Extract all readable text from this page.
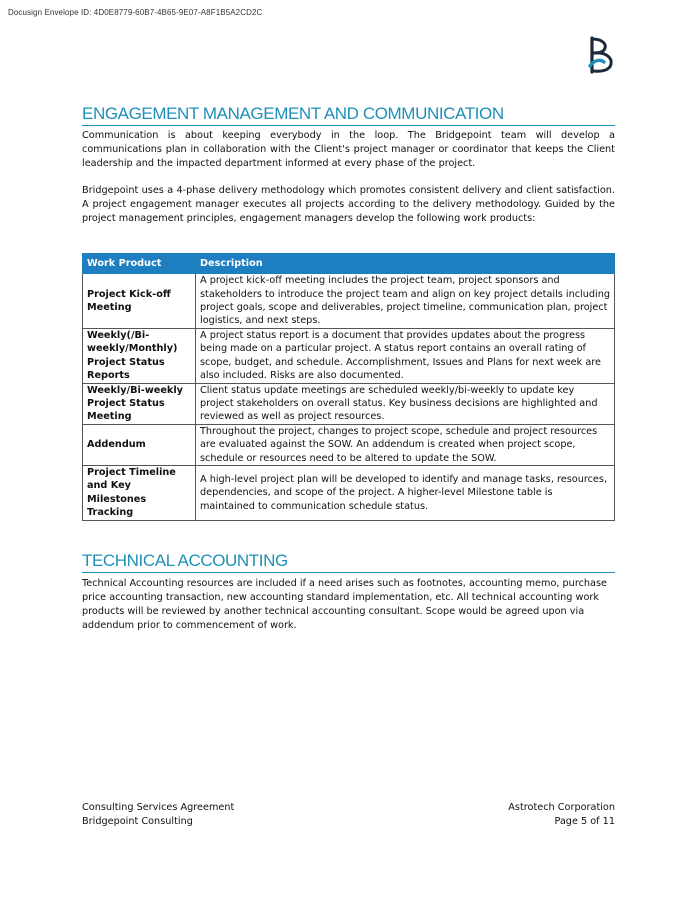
Docusign Envelope ID: 4D0E8779-60B7-4B65-9E07-A8F1B5A2CD2C
ENGAGEMENT MANAGEMENT AND COMMUNICATION

Communication is about keeping everybody in the loop. The Bridgepoint team will develop a communications plan in collaboration with the Client's project manager or coordinator that keeps the Client leadership and the impacted department informed at every phase of the project.

Bridgepoint uses a 4-phase delivery methodology which promotes consistent delivery and client satisfaction. A project engagement manager executes all projects according to the delivery methodology. Guided by the project management principles, engagement managers develop the following work products:

Work Product	Description
Project Kick-off Meeting	A project kick-off meeting includes the project team, project sponsors and stakeholders to introduce the project team and align on key project details including project goals, scope and deliverables, project timeline, communication plan, project logistics, and next steps.
Weekly(/Bi-weekly/Monthly) Project Status Reports	A project status report is a document that provides updates about the progress being made on a particular project. A status report contains an overall rating of scope, budget, and schedule. Accomplishment, Issues and Plans for next week are also included. Risks are also documented.
Weekly/Bi-weekly Project Status Meeting	Client status update meetings are scheduled weekly/bi-weekly to update key project stakeholders on overall status. Key business decisions are highlighted and reviewed as well as project resources.
Addendum	Throughout the project, changes to project scope, schedule and project resources are evaluated against the SOW. An addendum is created when project scope, schedule or resources need to be altered to update the SOW.
Project Timeline and Key Milestones Tracking	A high-level project plan will be developed to identify and manage tasks, resources, dependencies, and scope of the project. A higher-level Milestone table is maintained to communication schedule status.
TECHNICAL ACCOUNTING

Technical Accounting resources are included if a need arises such as footnotes, accounting memo, purchase price accounting transaction, new accounting standard implementation, etc. All technical accounting work products will be reviewed by another technical accounting consultant. Scope would be agreed upon via addendum prior to commencement of work.

Consulting Services Agreement
Bridgepoint Consulting
Astrotech Corporation
Page 5 of 11
